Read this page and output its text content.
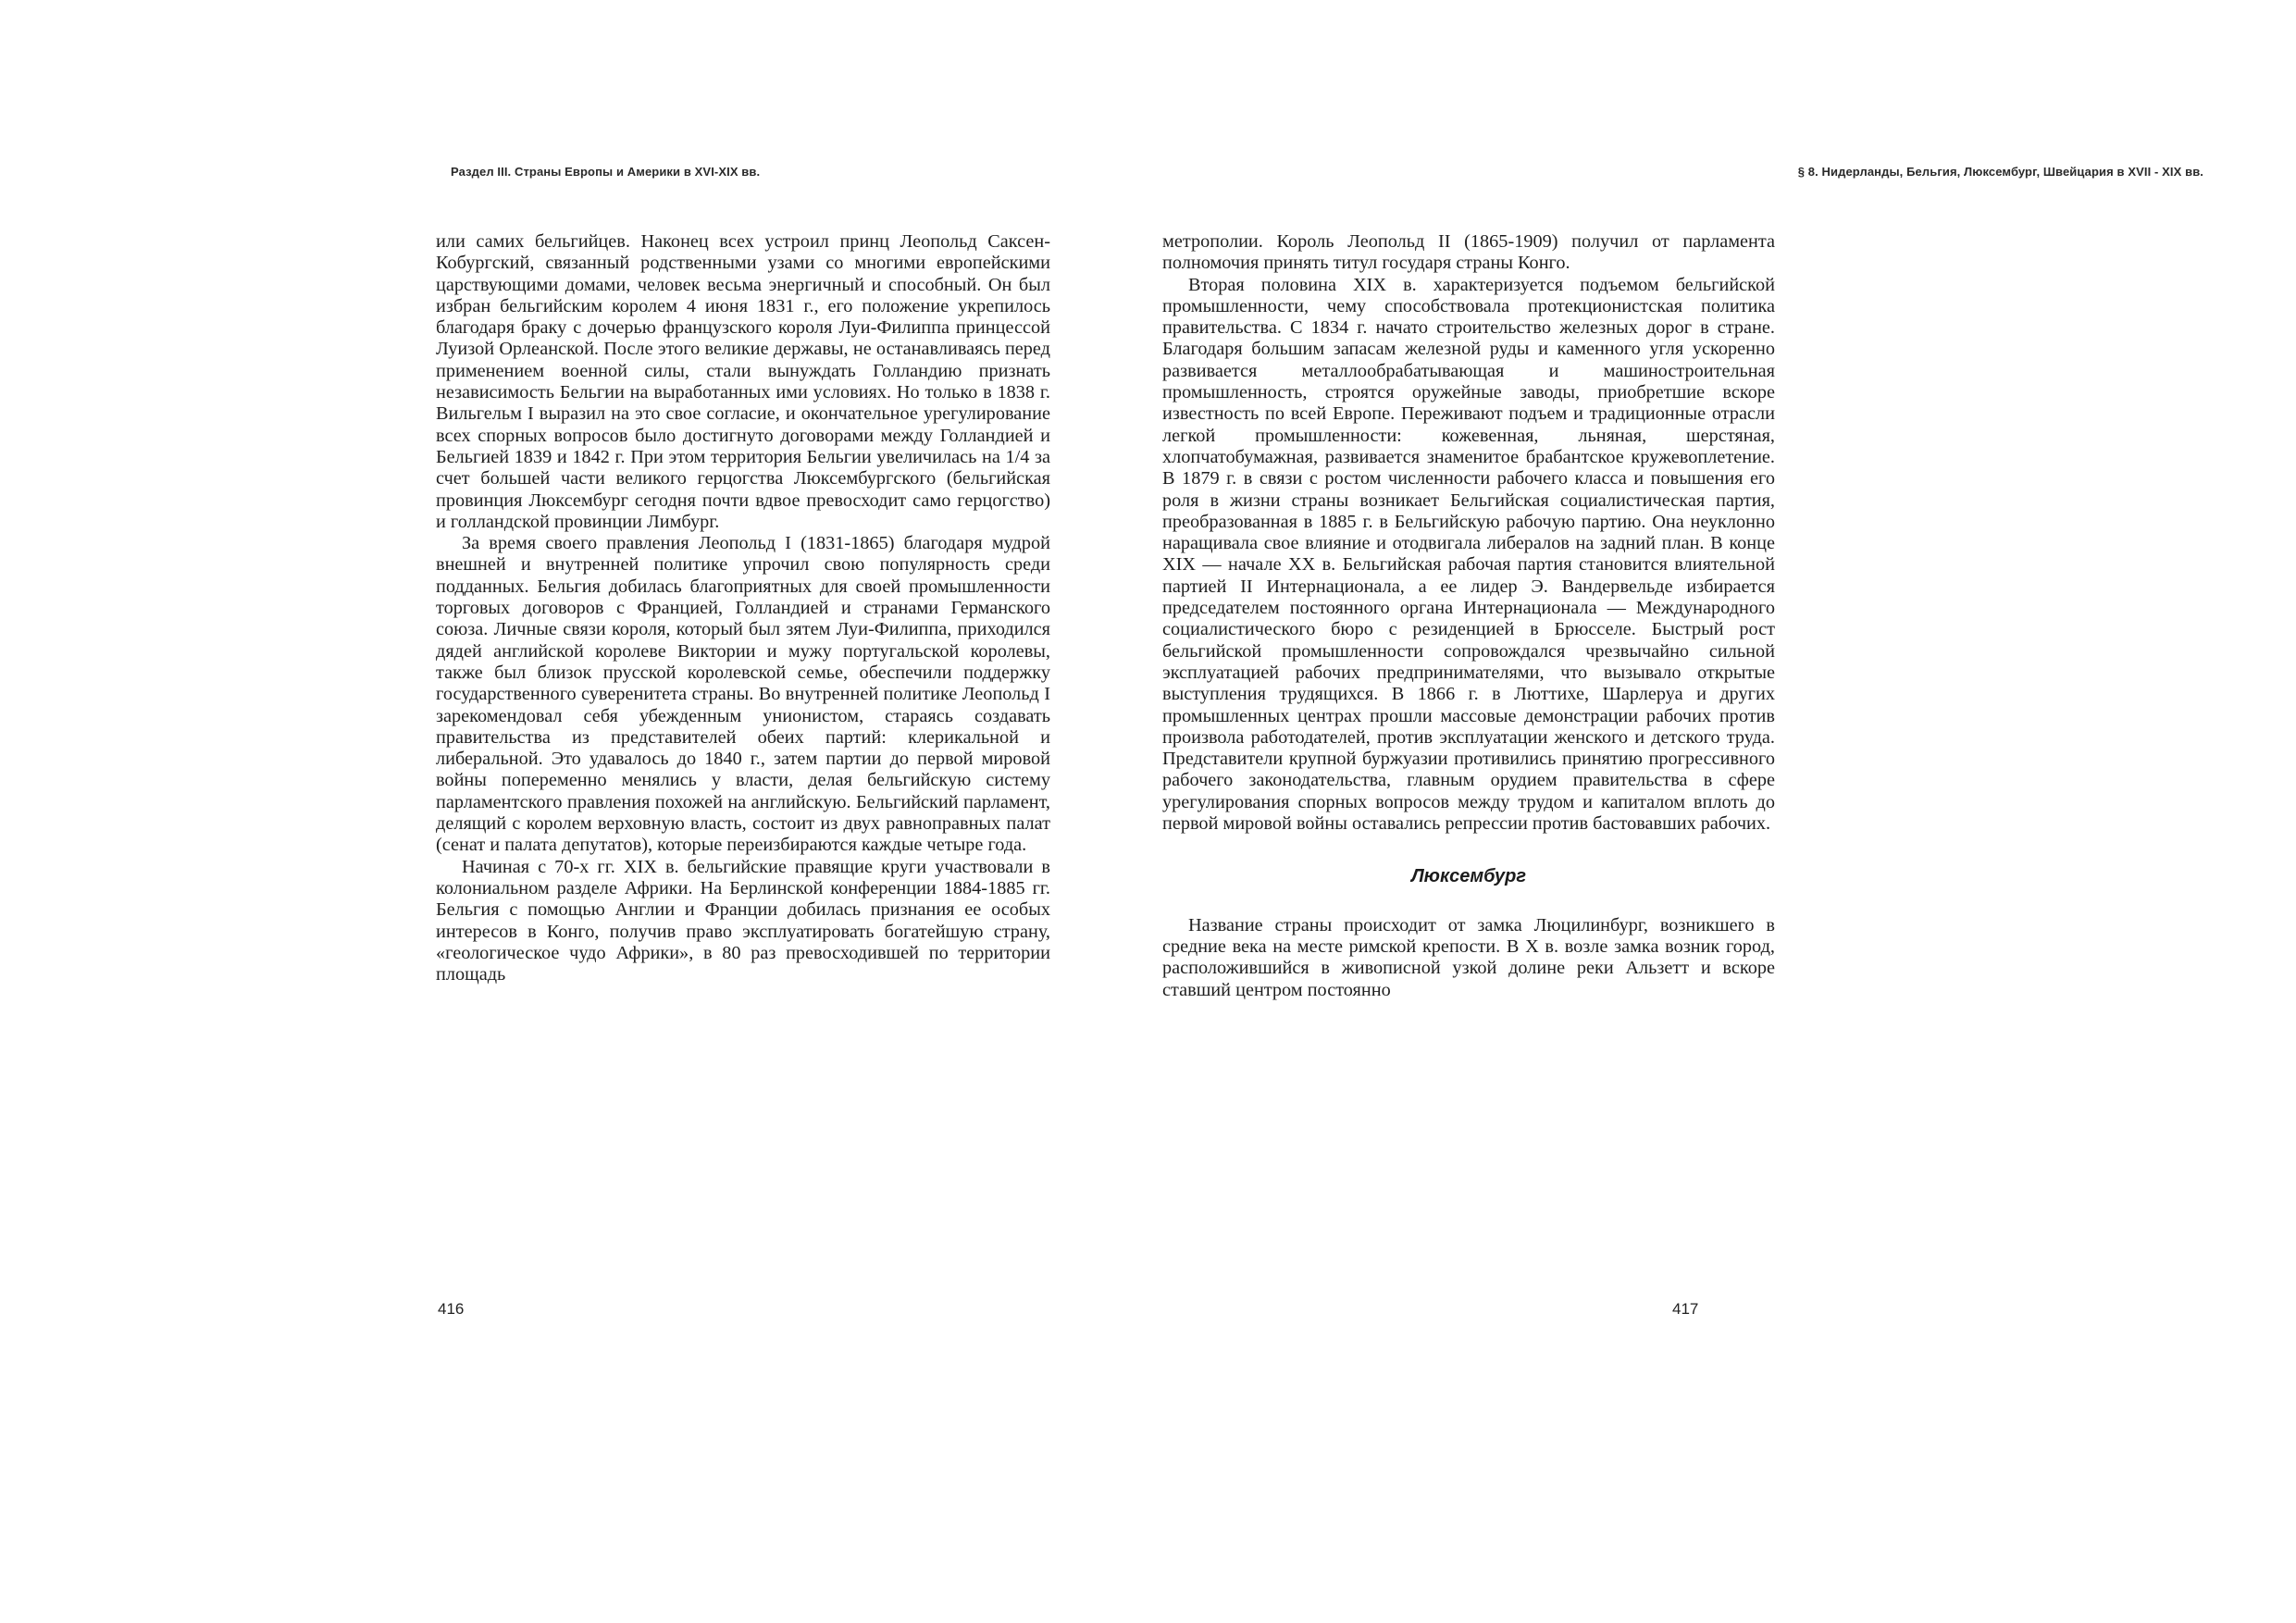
Раздел III. Страны Европы и Америки в XVI-XIX вв.

или самих бельгийцев. Наконец всех устроил принц Леопольд Саксен-Кобургский, связанный родственными узами со многими европейскими царствующими домами, человек весьма энергичный и способный. Он был избран бельгийским королем 4 июня 1831 г., его положение укрепилось благодаря браку с дочерью французского короля Луи-Филиппа принцессой Луизой Орлеанской. После этого великие державы, не останавливаясь перед применением военной силы, стали вынуждать Голландию признать независимость Бельгии на выработанных ими условиях. Но только в 1838 г. Вильгельм I выразил на это свое согласие, и окончательное урегулирование всех спорных вопросов было достигнуто договорами между Голландией и Бельгией 1839 и 1842 г. При этом территория Бельгии увеличилась на 1/4 за счет большей части великого герцогства Люксембургского (бельгийская провинция Люксембург сегодня почти вдвое превосходит само герцогство) и голландской провинции Лимбург.

За время своего правления Леопольд I (1831-1865) благодаря мудрой внешней и внутренней политике упрочил свою популярность среди подданных. Бельгия добилась благоприятных для своей промышленности торговых договоров с Францией, Голландией и странами Германского союза. Личные связи короля, который был зятем Луи-Филиппа, приходился дядей английской королеве Виктории и мужу португальской королевы, также был близок прусской королевской семье, обеспечили поддержку государственного суверенитета страны. Во внутренней политике Леопольд I зарекомендовал себя убежденным унионистом, стараясь создавать правительства из представителей обеих партий: клерикальной и либеральной. Это удавалось до 1840 г., затем партии до первой мировой войны попеременно менялись у власти, делая бельгийскую систему парламентского правления похожей на английскую. Бельгийский парламент, делящий с королем верховную власть, состоит из двух равноправных палат (сенат и палата депутатов), которые переизбираются каждые четыре года.

Начиная с 70-х гг. XIX в. бельгийские правящие круги участвовали в колониальном разделе Африки. На Берлинской конференции 1884-1885 гг. Бельгия с помощью Англии и Франции добилась признания ее особых интересов в Конго, получив право эксплуатировать богатейшую страну, «геологическое чудо Африки», в 80 раз превосходившей по территории площадь

416
§ 8. Нидерланды, Бельгия, Люксембург, Швейцария в XVII - XIX вв.

метрополии. Король Леопольд II (1865-1909) получил от парламента полномочия принять титул государя страны Конго.

Вторая половина XIX в. характеризуется подъемом бельгийской промышленности, чему способствовала протекционистская политика правительства. С 1834 г. начато строительство железных дорог в стране. Благодаря большим запасам железной руды и каменного угля ускоренно развивается металлообрабатывающая и машиностроительная промышленность, строятся оружейные заводы, приобретшие вскоре известность по всей Европе. Переживают подъем и традиционные отрасли легкой промышленности: кожевенная, льняная, шерстяная, хлопчатобумажная, развивается знаменитое брабантское кружевоплетение. В 1879 г. в связи с ростом численности рабочего класса и повышения его роля в жизни страны возникает Бельгийская социалистическая партия, преобразованная в 1885 г. в Бельгийскую рабочую партию. Она неуклонно наращивала свое влияние и отодвигала либералов на задний план. В конце XIX — начале XX в. Бельгийская рабочая партия становится влиятельной партией II Интернационала, а ее лидер Э. Вандервельде избирается председателем постоянного органа Интернационала — Международного социалистического бюро с резиденцией в Брюсселе. Быстрый рост бельгийской промышленности сопровождался чрезвычайно сильной эксплуатацией рабочих предпринимателями, что вызывало открытые выступления трудящихся. В 1866 г. в Люттихе, Шарлеруа и других промышленных центрах прошли массовые демонстрации рабочих против произвола работодателей, против эксплуатации женского и детского труда. Представители крупной буржуазии противились принятию прогрессивного рабочего законодательства, главным орудием правительства в сфере урегулирования спорных вопросов между трудом и капиталом вплоть до первой мировой войны оставались репрессии против бастовавших рабочих.

Люксембург

Название страны происходит от замка Люцилинбург, возникшего в средние века на месте римской крепости. В X в. возле замка возник город, расположившийся в живописной узкой долине реки Альзетт и вскоре ставший центром постоянно

417
